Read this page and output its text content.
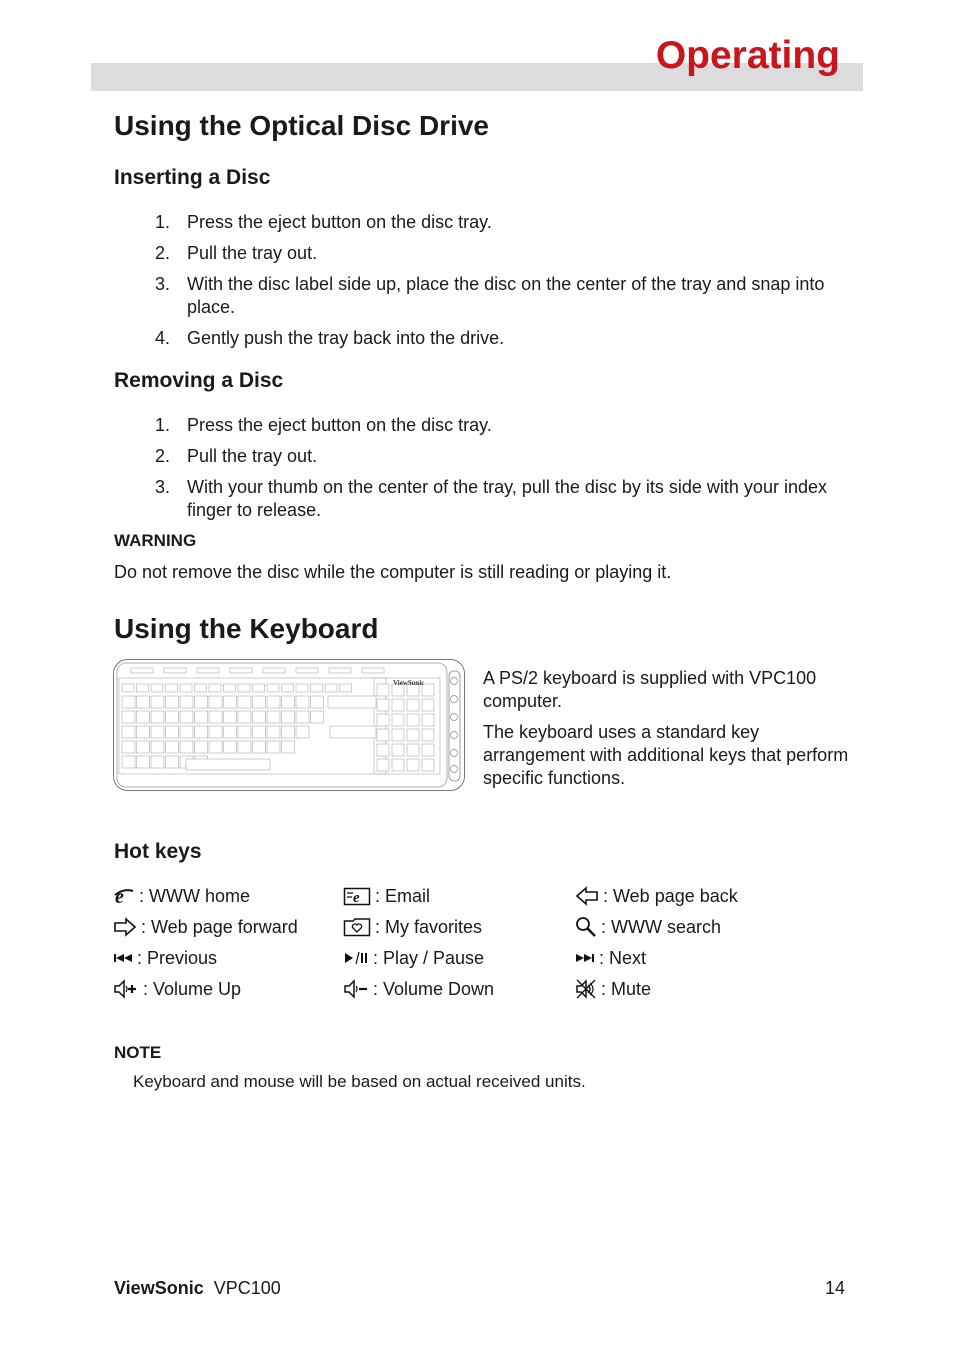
Operating
Using the Optical Disc Drive
Inserting a Disc
1. Press the eject button on the disc tray.
2. Pull the tray out.
3. With the disc label side up, place the disc on the center of the tray and snap into place.
4. Gently push the tray back into the drive.
Removing a Disc
1. Press the eject button on the disc tray.
2. Pull the tray out.
3. With your thumb on the center of the tray, pull the disc by its side with your index finger to release.
WARNING

Do not remove the disc while the computer is still reading or playing it.

Using the Keyboard
ViewSonic	A PS/2 keyboard is supplied with VPC100 computer.

The keyboard uses a standard key arrangement with additional keys that perform specific functions.

Hot keys
e : WWW home	e : Email	: Web page back
: Web page forward	: My favorites	: WWW search
: Previous	: Play / Pause	: Next
: Volume Up	: Volume Down	: Mute
NOTE

Keyboard and mouse will be based on actual received units.

ViewSonic VPC100	14
